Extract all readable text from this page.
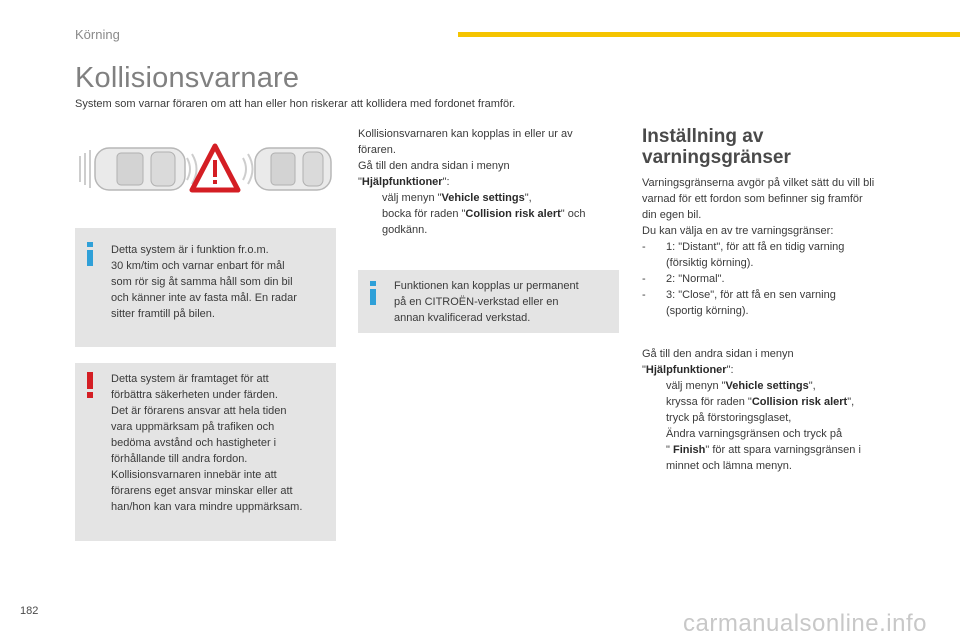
Körning
Kollisionsvarnare
System som varnar föraren om att han eller hon riskerar att kollidera med fordonet framför.

Detta system är i funktion fr.o.m.

30 km/tim och varnar enbart för mål

som rör sig åt samma håll som din bil

och känner inte av fasta mål. En radar

sitter framtill på bilen.

Detta system är framtaget för att

förbättra säkerheten under färden.

Det är förarens ansvar att hela tiden

vara uppmärksam på trafiken och

bedöma avstånd och hastigheter i

förhållande till andra fordon.

Kollisionsvarnaren innebär inte att

förarens eget ansvar minskar eller att

han/hon kan vara mindre uppmärksam.

Kollisionsvarnaren kan kopplas in eller ur av

föraren.

Gå till den andra sidan i menyn

"Hjälpfunktioner":

välj menyn "Vehicle settings",

bocka för raden "Collision risk alert" och

godkänn.

Funktionen kan kopplas ur permanent

på en CITROËN-verkstad eller en

annan kvalificerad verkstad.

Inställning av
varningsgränser

Varningsgränserna avgör på vilket sätt du vill bli

varnad för ett fordon som befinner sig framför

din egen bil.

Du kan välja en av tre varningsgränser:

- 1: "Distant", för att få en tidig varning

(försiktig körning).

- 2: "Normal".

- 3: "Close", för att få en sen varning

(sportig körning).

Gå till den andra sidan i menyn

"Hjälpfunktioner":

välj menyn "Vehicle settings",

kryssa för raden "Collision risk alert",

tryck på förstoringsglaset,

Ändra varningsgränsen och tryck på

" Finish" för att spara varningsgränsen i

minnet och lämna menyn.

182	carmanualsonline.info
